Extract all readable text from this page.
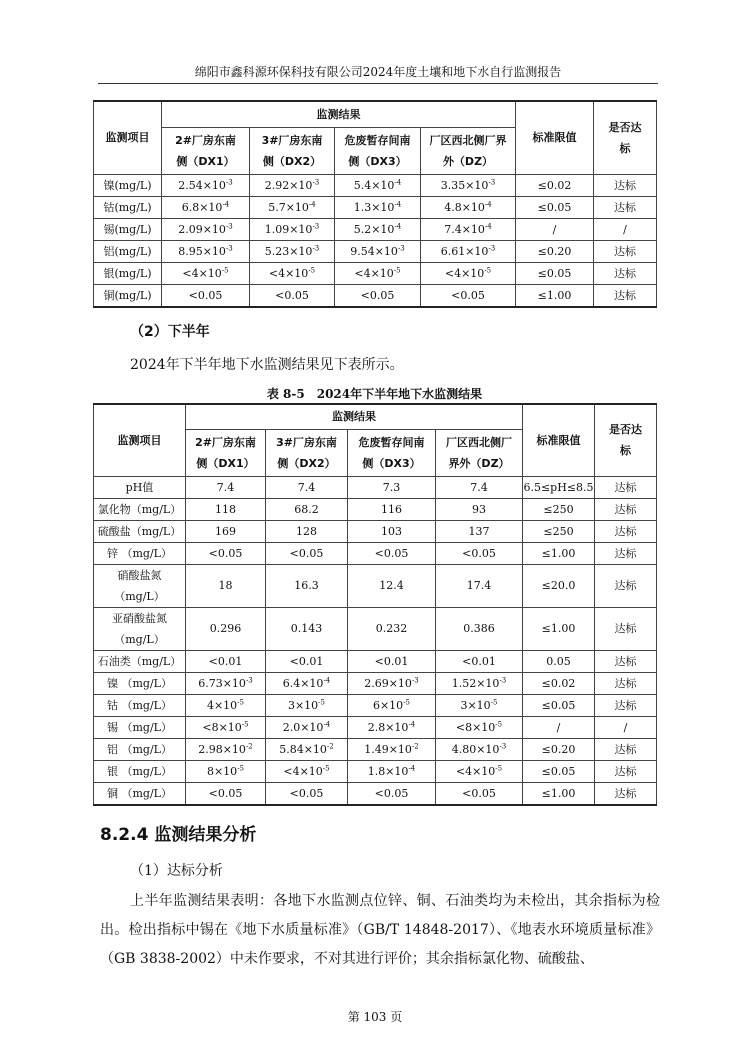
绵阳市鑫科源环保科技有限公司2024年度土壤和地下水自行监测报告
监测项目	监测结果				标准限值	是否达标
	2#厂房东南侧（DX1）	3#厂房东南侧（DX2）	危废暂存间南侧（DX3）	厂区西北侧厂界外（DZ）		
镍(mg/L)	$2.54\times 10^{-3}$	$2.92\times 10^{-3}$	$5.4\times 10^{-4}$	$3.35\times 10^{-3}$	≤0.02	达标
钴(mg/L)	$6.8\times 10^{-4}$	$5.7\times 10^{-4}$	$1.3\times 10^{-4}$	$4.8\times 10^{-4}$	≤0.05	达标
锡(mg/L)	$2.09\times 10^{-3}$	$1.09\times 10^{-3}$	$5.2\times 10^{-4}$	$7.4\times 10^{-4}$	/	/
铝(mg/L)	$8.95\times 10^{-3}$	$5.23\times 10^{-3}$	$9.54\times 10^{-3}$	$6.61\times 10^{-3}$	≤0.20	达标
银(mg/L)	$<4\times 10^{-5}$	$<4\times 10^{-5}$	$<4\times 10^{-5}$	$<4\times 10^{-5}$	≤0.05	达标
铜(mg/L)	<0.05	<0.05	<0.05	<0.05	≤1.00	达标
（2）下半年
2024年下半年地下水监测结果见下表所示。
表 8-5　2024年下半年地下水监测结果
监测项目	监测结果				标准限值	是否达标
	2#厂房东南侧（DX1）	3#厂房东南侧（DX2）	危废暂存间南侧（DX3）	厂区西北侧厂界外（DZ）		
pH值	7.4	7.4	7.3	7.4	6.5≤pH≤8.5	达标
氯化物（mg/L）	118	68.2	116	93	≤250	达标
硫酸盐（mg/L）	169	128	103	137	≤250	达标
锌 （mg/L）	<0.05	<0.05	<0.05	<0.05	≤1.00	达标
硝酸盐氮（mg/L）	18	16.3	12.4	17.4	≤20.0	达标
亚硝酸盐氮（mg/L）	0.296	0.143	0.232	0.386	≤1.00	达标
石油类（mg/L）	<0.01	<0.01	<0.01	<0.01	0.05	达标
镍 （mg/L）	$6.73\times 10^{-3}$	$6.4\times 10^{-4}$	$2.69\times 10^{-3}$	$1.52\times 10^{-3}$	≤0.02	达标
钴 （mg/L）	$4\times 10^{-5}$	$3\times 10^{-5}$	$6\times 10^{-5}$	$3\times 10^{-5}$	≤0.05	达标
锡 （mg/L）	$<8\times 10^{-5}$	$2.0\times 10^{-4}$	$2.8\times 10^{-4}$	$<8\times 10^{-5}$	/	/
铝 （mg/L）	$2.98\times 10^{-2}$	$5.84\times 10^{-2}$	$1.49\times 10^{-2}$	$4.80\times 10^{-3}$	≤0.20	达标
银 （mg/L）	$8\times 10^{-5}$	$<4\times 10^{-5}$	$1.8\times 10^{-4}$	$<4\times 10^{-5}$	≤0.05	达标
铜 （mg/L）	<0.05	<0.05	<0.05	<0.05	≤1.00	达标
8.2.4 监测结果分析
（1）达标分析
上半年监测结果表明：各地下水监测点位锌、铜、石油类均为未检出，其余指标为检出。检出指标中锡在《地下水质量标准》（GB/T 14848-2017）、《地表水环境质量标准》（GB 3838-2002）中未作要求，不对其进行评价；其余指标氯化物、硫酸盐、
第 103 页
